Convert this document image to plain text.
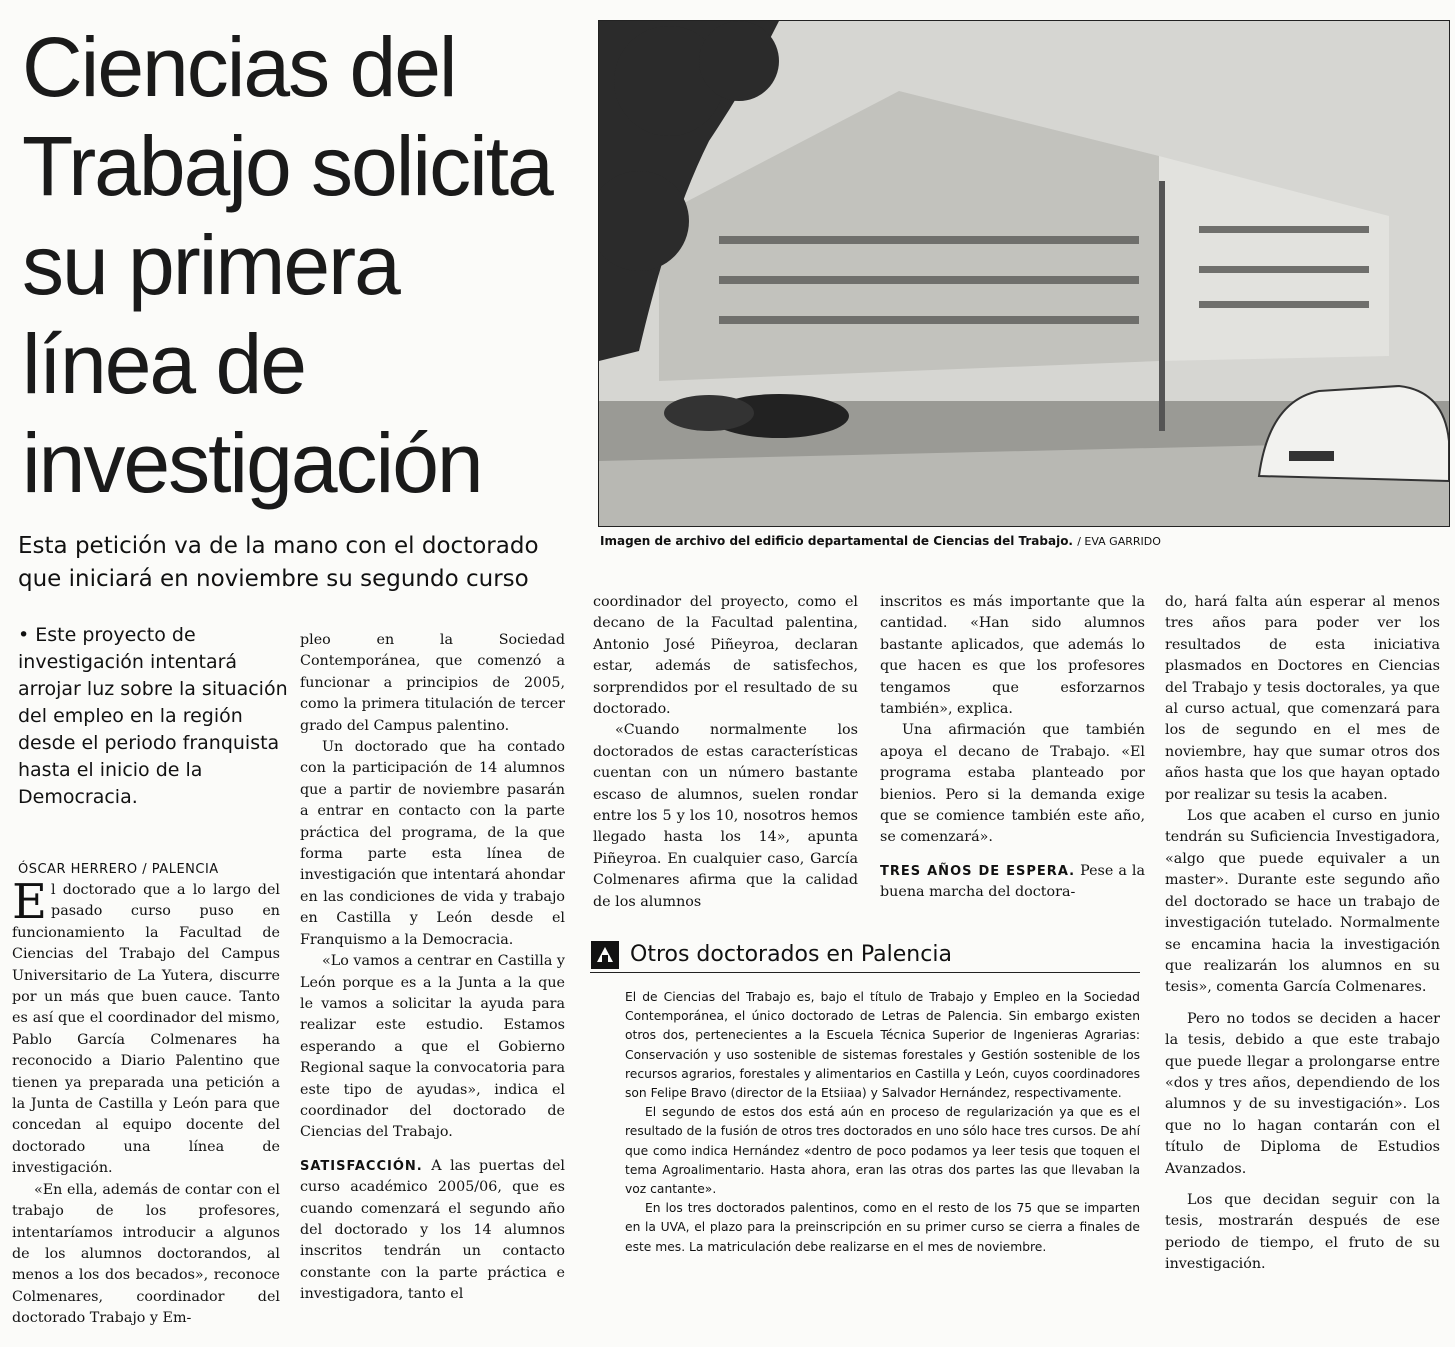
Ciencias del Trabajo solicita su primera línea de investigación
Esta petición va de la mano con el doctorado que iniciará en noviembre su segundo curso
Imagen de archivo del edificio departamental de Ciencias del Trabajo. / EVA GARRIDO
• Este proyecto de investigación intentará arrojar luz sobre la situación del empleo en la región desde el periodo franquista hasta el inicio de la Democracia.
ÓSCAR HERRERO / PALENCIA

El doctorado que a lo largo del pasado curso puso en funcionamiento la Facultad de Ciencias del Trabajo del Campus Universitario de La Yutera, discurre por un más que buen cauce. Tanto es así que el coordinador del mismo, Pablo García Colmenares ha reconocido a Diario Palentino que tienen ya preparada una petición a la Junta de Castilla y León para que concedan al equipo docente del doctorado una línea de investigación.

«En ella, además de contar con el trabajo de los profesores, intentaríamos introducir a algunos de los alumnos doctorandos, al menos a los dos becados», reconoce Colmenares, coordinador del doctorado Trabajo y Em-

pleo en la Sociedad Contemporánea, que comenzó a funcionar a principios de 2005, como la primera titulación de tercer grado del Campus palentino.

Un doctorado que ha contado con la participación de 14 alumnos que a partir de noviembre pasarán a entrar en contacto con la parte práctica del programa, de la que forma parte esta línea de investigación que intentará ahondar en las condiciones de vida y trabajo en Castilla y León desde el Franquismo a la Democracia.

«Lo vamos a centrar en Castilla y León porque es a la Junta a la que le vamos a solicitar la ayuda para realizar este estudio. Estamos esperando a que el Gobierno Regional saque la convocatoria para este tipo de ayudas», indica el coordinador del doctorado de Ciencias del Trabajo.

SATISFACCIÓN. A las puertas del curso académico 2005/06, que es cuando comenzará el segundo año del doctorado y los 14 alumnos inscritos tendrán un contacto constante con la parte práctica e investigadora, tanto el

coordinador del proyecto, como el decano de la Facultad palentina, Antonio José Piñeyroa, declaran estar, además de satisfechos, sorprendidos por el resultado de su doctorado.

«Cuando normalmente los doctorados de estas características cuentan con un número bastante escaso de alumnos, suelen rondar entre los 5 y los 10, nosotros hemos llegado hasta los 14», apunta Piñeyroa. En cualquier caso, García Colmenares afirma que la calidad de los alumnos

inscritos es más importante que la cantidad. «Han sido alumnos bastante aplicados, que además lo que hacen es que los profesores tengamos que esforzarnos también», explica.

Una afirmación que también apoya el decano de Trabajo. «El programa estaba planteado por bienios. Pero si la demanda exige que se comience también este año, se comenzará».

TRES AÑOS DE ESPERA. Pese a la buena marcha del doctora-

do, hará falta aún esperar al menos tres años para poder ver los resultados de esta iniciativa plasmados en Doctores en Ciencias del Trabajo y tesis doctorales, ya que al curso actual, que comenzará para los de segundo en el mes de noviembre, hay que sumar otros dos años hasta que los que hayan optado por realizar su tesis la acaben.

Los que acaben el curso en junio tendrán su Suficiencia Investigadora, «algo que puede equivaler a un master». Durante este segundo año del doctorado se hace un trabajo de investigación tutelado. Normalmente se encamina hacia la investigación que realizarán los alumnos en su tesis», comenta García Colmenares.

Pero no todos se deciden a hacer la tesis, debido a que este trabajo que puede llegar a prolongarse entre «dos y tres años, dependiendo de los alumnos y de su investigación». Los que no lo hagan contarán con el título de Diploma de Estudios Avanzados.

Los que decidan seguir con la tesis, mostrarán después de ese periodo de tiempo, el fruto de su investigación.

Otros doctorados en Palencia

El de Ciencias del Trabajo es, bajo el título de Trabajo y Empleo en la Sociedad Contemporánea, el único doctorado de Letras de Palencia. Sin embargo existen otros dos, pertenecientes a la Escuela Técnica Superior de Ingenieras Agrarias: Conservación y uso sostenible de sistemas forestales y Gestión sostenible de los recursos agrarios, forestales y alimentarios en Castilla y León, cuyos coordinadores son Felipe Bravo (director de la Etsiiaa) y Salvador Hernández, respectivamente.

El segundo de estos dos está aún en proceso de regularización ya que es el resultado de la fusión de otros tres doctorados en uno sólo hace tres cursos. De ahí que como indica Hernández «dentro de poco podamos ya leer tesis que toquen el tema Agroalimentario. Hasta ahora, eran las otras dos partes las que llevaban la voz cantante».

En los tres doctorados palentinos, como en el resto de los 75 que se imparten en la UVA, el plazo para la preinscripción en su primer curso se cierra a finales de este mes. La matriculación debe realizarse en el mes de noviembre.
